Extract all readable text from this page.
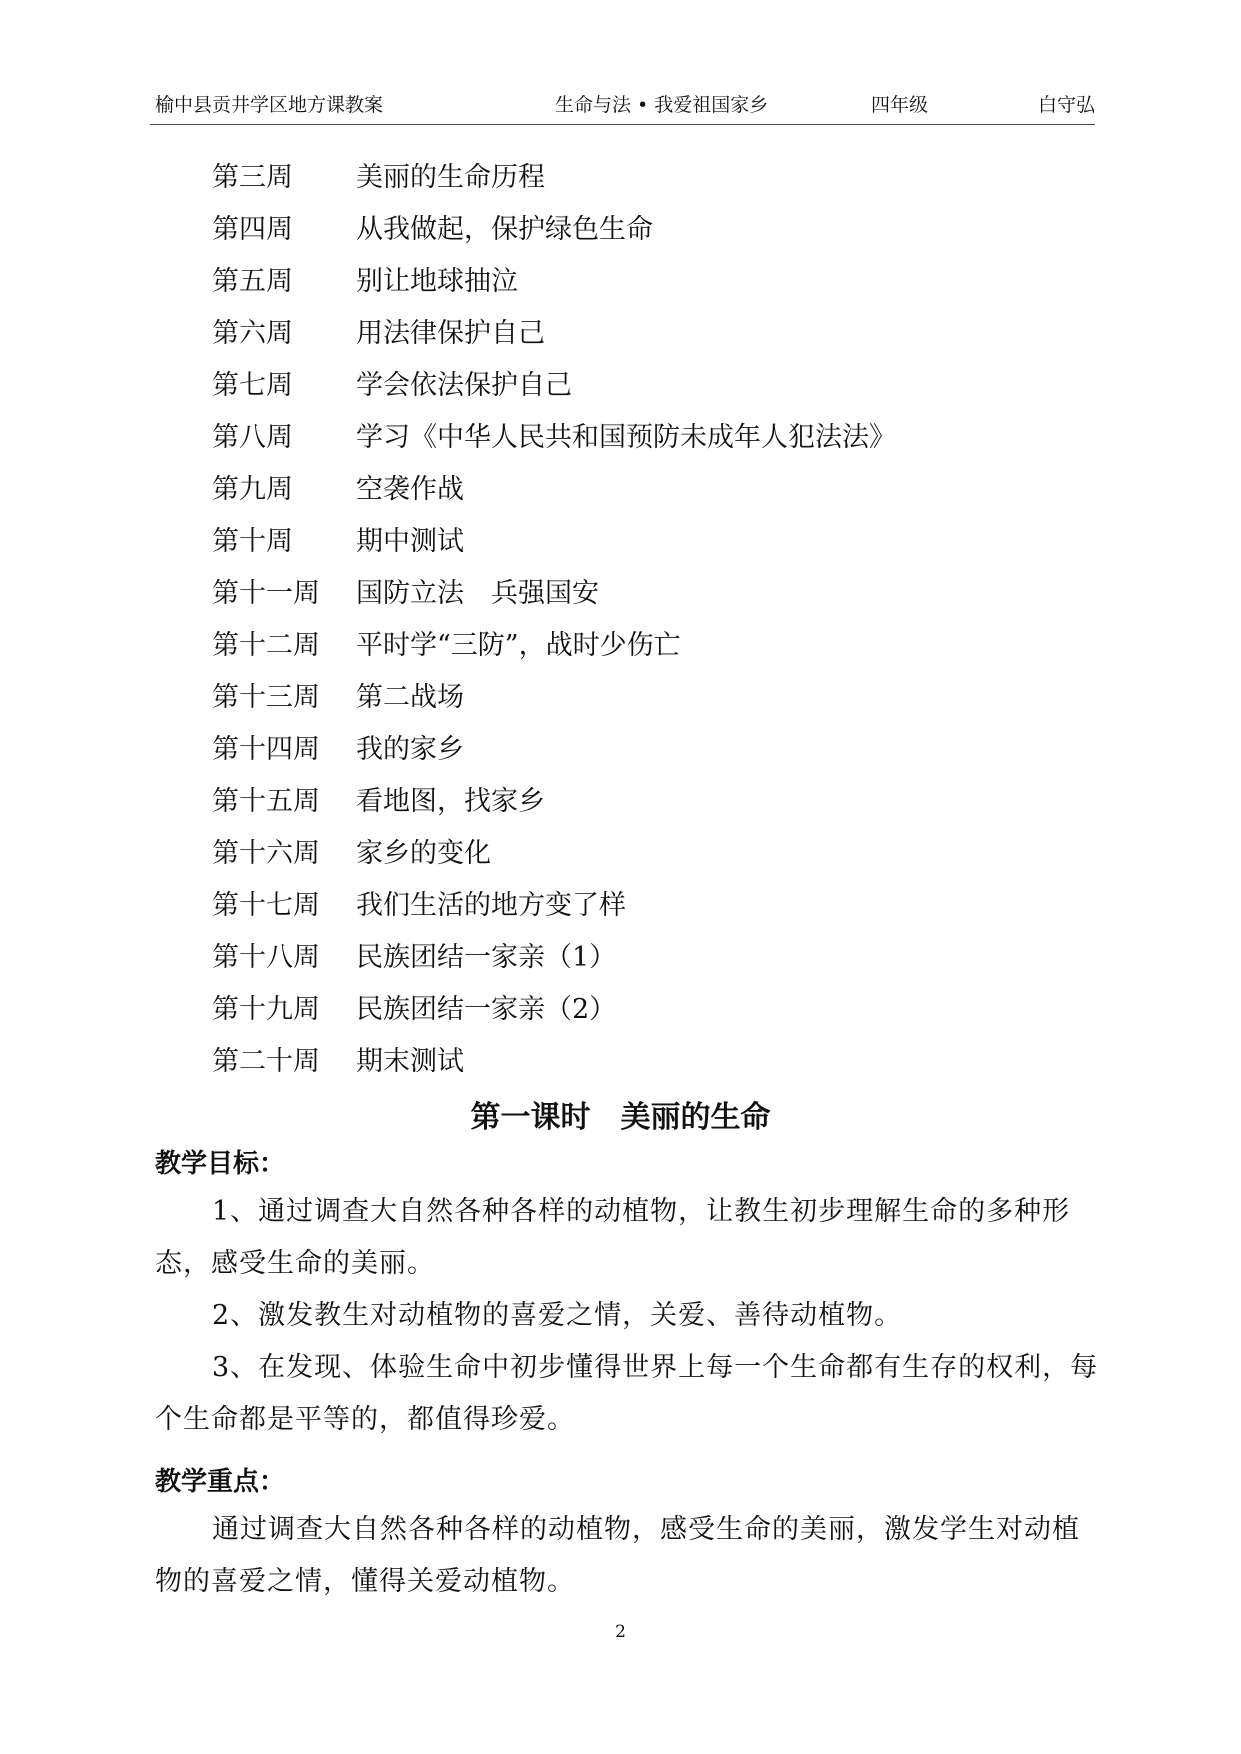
榆中县贡井学区地方课教案	生命与法 • 我爱祖国家乡	四年级	白守弘
第三周 美丽的生命历程
第四周 从我做起，保护绿色生命
第五周 别让地球抽泣
第六周 用法律保护自己
第七周 学会依法保护自己
第八周 学习《中华人民共和国预防未成年人犯法法》
第九周 空袭作战
第十周 期中测试
第十一周 国防立法　兵强国安
第十二周 平时学“三防”，战时少伤亡
第十三周 第二战场
第十四周 我的家乡
第十五周 看地图，找家乡
第十六周 家乡的变化
第十七周 我们生活的地方变了样
第十八周 民族团结一家亲（1）
第十九周 民族团结一家亲（2）
第二十周 期末测试
第一课时　美丽的生命
教学目标：

1、通过调查大自然各种各样的动植物，让教生初步理解生命的多种形态，感受生命的美丽。

2、激发教生对动植物的喜爱之情，关爱、善待动植物。

3、在发现、体验生命中初步懂得世界上每一个生命都有生存的权利，每个生命都是平等的，都值得珍爱。

教学重点：

通过调查大自然各种各样的动植物，感受生命的美丽，激发学生对动植物的喜爱之情，懂得关爱动植物。

2
